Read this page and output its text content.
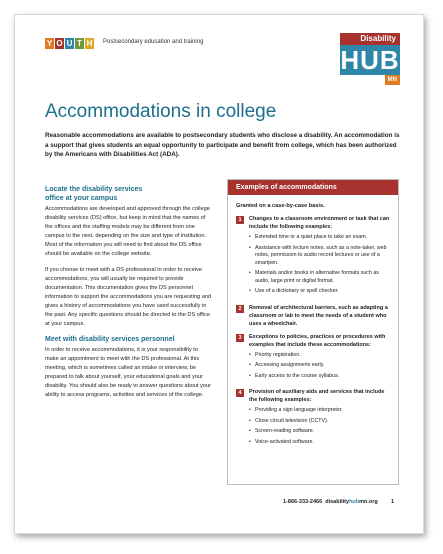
Y O U T H Postsecondary education and training	Disability
HUB
MN
Accommodations in college

Reasonable accommodations are available to postsecondary students who disclose a disability. An accommodation is a support that gives students an equal opportunity to participate and benefit from college, which has been authorized by the Americans with Disabilities Act (ADA).

Locate the disability services
office at your campus

Accommodations are developed and approved through the college disability services (DS) office, but keep in mind that the names of the offices and the staffing models may be different from one campus to the next, depending on the size and type of institution. Most of the information you will need to find about the DS office should be available on the college website.

If you choose to meet with a DS professional in order to receive accommodations, you will usually be required to provide documentation. This documentation gives the DS personnel information to support the accommodations you are requesting and gives a history of accommodations you have used successfully in the past. Any specific questions should be directed to the DS office at your campus.

Meet with disability services personnel

In order to receive accommodations, it is your responsibility to make an appointment to meet with the DS professional. At this meeting, which is sometimes called an intake or interview, be prepared to talk about yourself, your educational goals and your disability. You should also be ready to answer questions about your ability to access programs, activities and services of the college.

Examples of accommodations
Granted on a case-by-case basis.
1	Changes to a classroom environment or task that can include the following examples:
• Extended time or a quiet place to take an exam.
• Assistance with lecture notes, such as a note-taker, web notes, permission to audio record lectures or use of a smartpen.
• Materials and/or books in alternative formats such as audio, large print or digital format.
• Use of a dictionary or spell checker.
2	Removal of architectural barriers, such as adapting a classroom or lab to meet the needs of a student who uses a wheelchair.
3	Exceptions to policies, practices or procedures with examples that include these accommodations:
• Priority registration.
• Accessing assignments early.
• Early access to the course syllabus.
4	Provision of auxiliary aids and services that include the following examples:
• Providing a sign language interpreter.
• Close circuit television (CCTV).
• Screen-reading software.
• Voice-activated software.
1-866-333-2466 disabilityhubmn.org 1
